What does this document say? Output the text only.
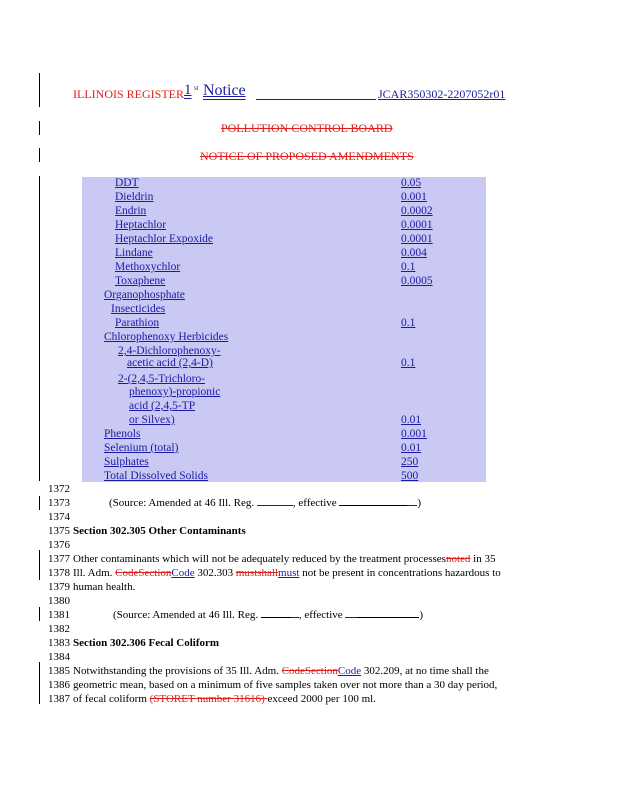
ILLINOIS REGISTER 1 st Notice	JCAR350302-2207052r01
POLLUTION CONTROL BOARD
NOTICE OF PROPOSED AMENDMENTS
DDT	0.05
Dieldrin	0.001
Endrin	0.0002
Heptachlor	0.0001
Heptachlor Expoxide	0.0001
Lindane	0.004
Methoxychlor	0.1
Toxaphene	0.0005
Organophosphate
Insecticides
Parathion	0.1
Chlorophenoxy Herbicides
2,4-Dichlorophenoxy-
acetic acid (2,4-D)	0.1
2-(2,4,5-Trichloro-
phenoxy)-propionic
acid (2,4,5-TP
or Silvex)	0.01
Phenols	0.001
Selenium (total)	0.01
Sulphates	250
Total Dissolved Solids	500
1372
1373
1374
1375
1376
1377
1378
1379
1380
1381
1382
1383
1384
1385
1386
1387
(Source: Amended at 46 Ill. Reg.	, effective	)
Section 302.305 Other Contaminants
Other contaminants which will not be adequately reduced by the treatment processesnoted in 35
Ill. Adm. CodeSectionCode 302.303 mustshallmust not be present in concentrations hazardous to
human health.
(Source: Amended at 46 Ill. Reg.	, effective	)
Section 302.306 Fecal Coliform
Notwithstanding the provisions of 35 Ill. Adm. CodeSectionCode 302.209, at no time shall the
geometric mean, based on a minimum of five samples taken over not more than a 30 day period,
of fecal coliform (STORET number 31616) exceed 2000 per 100 ml.
